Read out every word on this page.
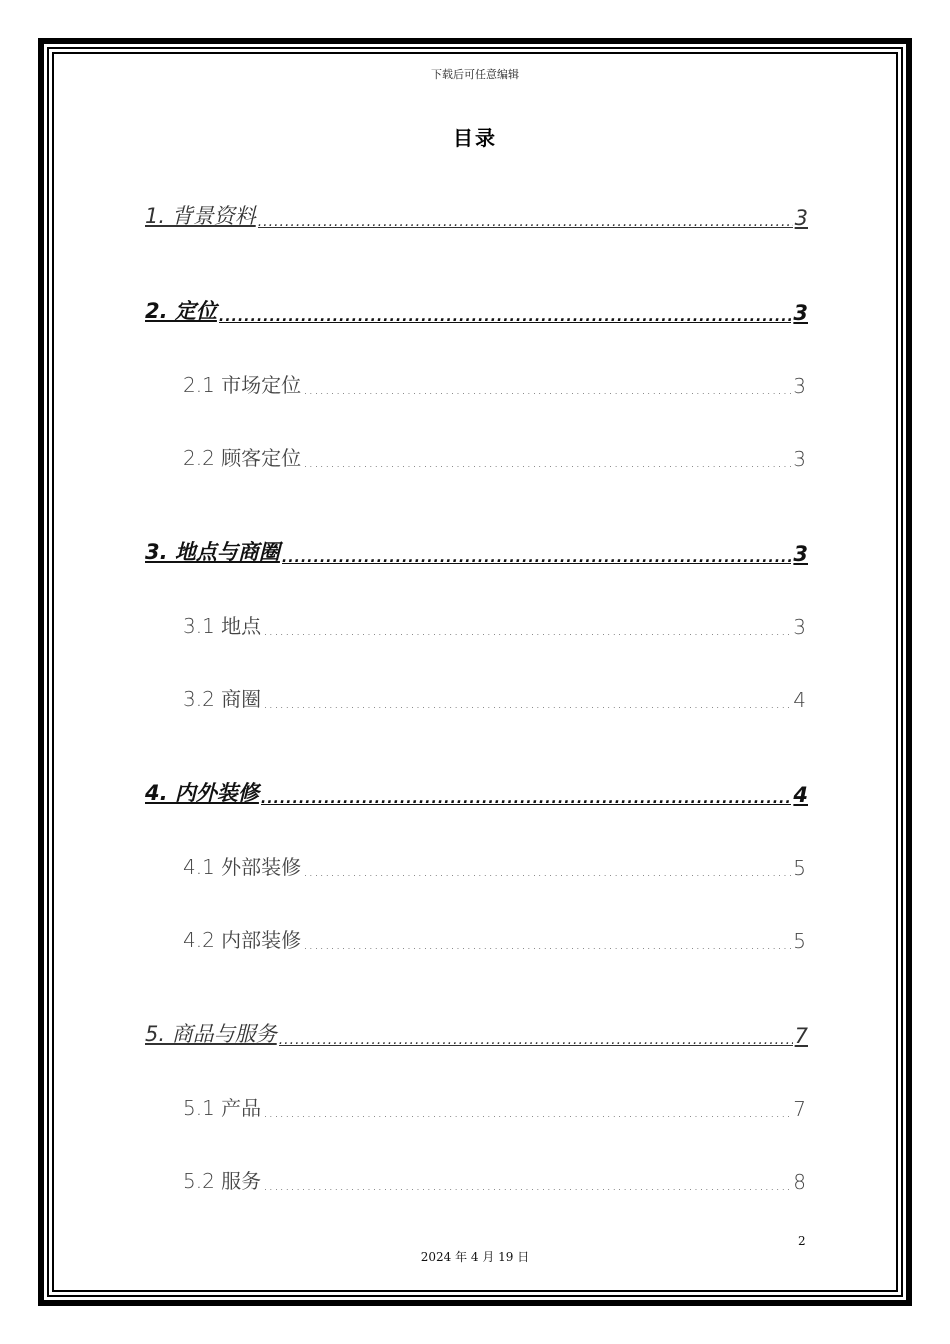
下载后可任意编辑
目录
1. 背景资料 .....	3
2. 定位 .....	3
2.1 市场定位 .....	3
2.2 顾客定位 .....	3
3. 地点与商圈 .....	3
3.1 地点 .....	3
3.2 商圈 .....	4
4. 内外装修 .....	4
4.1 外部装修 .....	5
4.2 内部装修 .....	5
5. 商品与服务 .....	7
5.1 产品 .....	7
5.2 服务 .....	8
2
2024 年 4 月 19 日
